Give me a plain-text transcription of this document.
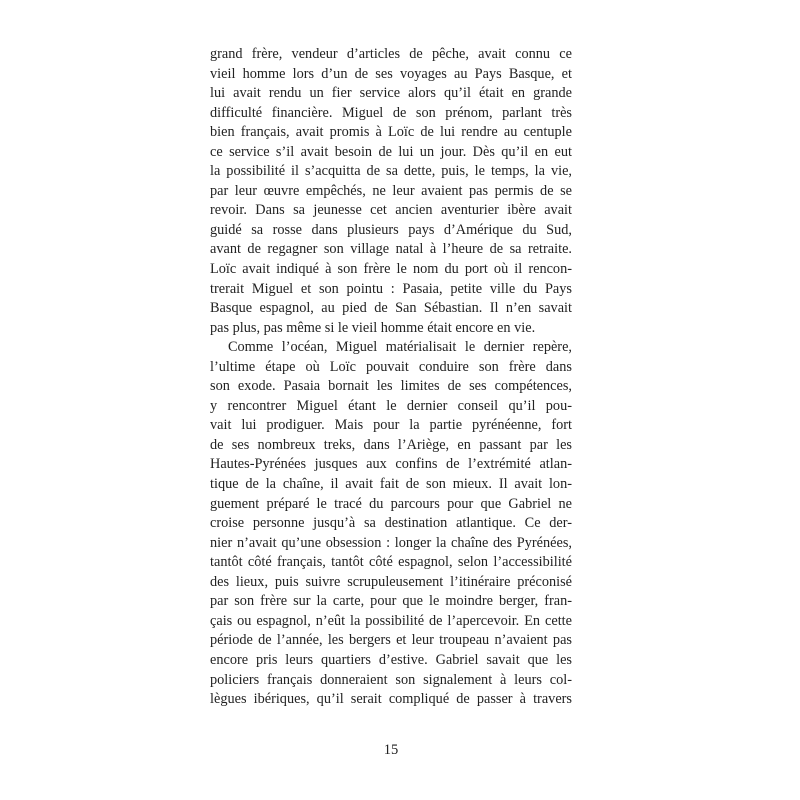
grand frère, vendeur d’articles de pêche, avait connu ce
vieil homme lors d’un de ses voyages au Pays Basque, et
lui avait rendu un fier service alors qu’il était en grande
difficulté financière. Miguel de son prénom, parlant très
bien français, avait promis à Loïc de lui rendre au centuple
ce service s’il avait besoin de lui un jour. Dès qu’il en eut
la possibilité il s’acquitta de sa dette, puis, le temps, la vie,
par leur œuvre empêchés, ne leur avaient pas permis de se
revoir. Dans sa jeunesse cet ancien aventurier ibère avait
guidé sa rosse dans plusieurs pays d’Amérique du Sud,
avant de regagner son village natal à l’heure de sa retraite.
Loïc avait indiqué à son frère le nom du port où il rencon-
trerait Miguel et son pointu : Pasaia, petite ville du Pays
Basque espagnol, au pied de San Sébastian. Il n’en savait
pas plus, pas même si le vieil homme était encore en vie.
Comme l’océan, Miguel matérialisait le dernier repère,
l’ultime étape où Loïc pouvait conduire son frère dans
son exode. Pasaia bornait les limites de ses compétences,
y rencontrer Miguel étant le dernier conseil qu’il pou-
vait lui prodiguer. Mais pour la partie pyrénéenne, fort
de ses nombreux treks, dans l’Ariège, en passant par les
Hautes-Pyrénées jusques aux confins de l’extrémité atlan-
tique de la chaîne, il avait fait de son mieux. Il avait lon-
guement préparé le tracé du parcours pour que Gabriel ne
croise personne jusqu’à sa destination atlantique. Ce der-
nier n’avait qu’une obsession : longer la chaîne des Pyrénées,
tantôt côté français, tantôt côté espagnol, selon l’accessibilité
des lieux, puis suivre scrupuleusement l’itinéraire préconisé
par son frère sur la carte, pour que le moindre berger, fran-
çais ou espagnol, n’eût la possibilité de l’apercevoir. En cette
période de l’année, les bergers et leur troupeau n’avaient pas
encore pris leurs quartiers d’estive. Gabriel savait que les
policiers français donneraient son signalement à leurs col-
lègues ibériques, qu’il serait compliqué de passer à travers
15
